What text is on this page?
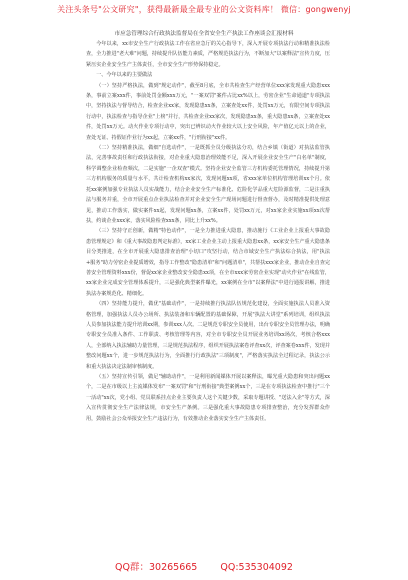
关注头条号"公文研究"，获得最新最全最专业的公文资料库！ 微信：gongwenyj
市应急管理综合行政执法监督局在全省安全生产执法工作座谈会汇报材料

今年以来，xx市安全生产行政执法工作在省应急厅的关心指导下，深入开展专项执法行动和精准执法检查，全力推进"老大难"问题，持续提升队伍能力素质，严格规范执法行为，不断加大"以案释法"宣传力度，压紧压实企业安全生产主体责任，全市安全生产形势保持稳定。

一、今年以来的主要做法

（一）坚持严格执法，做到"规定动作"，截至8月底，全市共检查生产经营单位xxx家发现重大隐患xxx条，事前立案xxx件，事前处罚金额xxx万元，"一案双罚"案件占比xx%以上，劳密企业"生命通道"专项执法中，坚持执法与督导结合，检查企业xx家，发现隐患xx条，立案查处xx件，处罚xx万元，有限空间专项执法行动中，执法检查与指导企业"上榜"并行，共检查企业xx家次，发现隐患xx条，重大隐患xx条，立案查处xx件，处罚xx万元。动火作业专项行动中，突出已辨识动火作业较大以上安全风险，年产值亿元以上的企业，查处无证、持假证作业行为xx起，立案xx件，"行刑衔接"xx件。

（二）坚持精准执法，做细"自选动作"，一是既抓全员分级执法分功，结合乡镇（街道）对执法监管执法，完善事故责任和行政执法衔接，对企业重大隐患治理效能不足，深入开展企业安全生产"白名单"制度，科学调整企业检查频次，二是实施"一企双查"模式。坚持企业安全监管三方机构委托管理情况，持续提升第三方机构服务的质量与水平，共计检查机构xx家次，发现问题xx项，省xxx家单位机构管理培训xx个月。依托xx案例加强专业执法人员实战能力，结合企业安全生产标准化、危险化学品重大危险源监督，二是注重执法与服务并重，全市开展重点企业执法检查并对企业安全生产现场问题进行督查督办，及时精准提供处理意见，推动工作落实，做实案件xx起，发现问题xx条，立案xx件，处罚xx万元，对xx家企业实施xx项xx次帮扶，约谈企业xxx家，落实风险检查xxx条，同比上升xx%。

（三）坚持守正创新，做精"特色动作"，一是全力推进重大隐患，推动施行《工业企业上报重大事故隐患管理规定》和《重大事故隐患判定标准》，xx家工业企业主动上报重大隐患xx条，xx家安全生产重大隐患条目分类推进，在全市开展重大隐患排查治理"小切口"攻坚行动，结合市域安全生产执法综合执法，用"执法+服务"助力劳密企业提质增效，指导工作整改"隐患清单"和"问题清单"，共帮扶xxx家企业，推动企业自查完善安全管理资料xxx份，督促xx家企业整改安全隐患xx项，在全市xxx家劳密企业实现"动火作业"在线监管，xx家企业完成安全管理体系提升，三是强化典型案件曝光，xx案例在全市"以案释法"中进行通报讲解，推进执法办案规范化、精细化。

（四）坚持能力提升，做优"基础动作"，一是持续推行执法队伍规范化建设，全面实施执法人员准入资格管理，加强执法人员办公场所、执法装备和车辆配置的基础保障，开展"执法大讲堂"系列培训，组织执法人员参加执法能力提升培训xx期，参训xxx人次。二是规范专职安全员使用，出台专职安全员管理办法，明确专职安全员准入条件、工作职责、考核管理等内容，对全市专职安全员开展业务培训xx场次，考核合格xxx人，全部纳入执法辅助力量管理，三是规范执法程序，组织开展执法案卷评查xx次，评查案卷xxx件，发现并整改问题xx个，进一步规范执法行为，全面推行行政执法"三项制度"，严格落实执法全过程记录，执法公示和重大执法决定法制审核制度。

（五）坚持宣传引领，做足"辅助动作"，一是利用新闻媒体开展以案释法，曝光重大隐患和突出问题xx个，二是在市级以上主流媒体发布"一案双罚"和"行刑衔接"典型案例xx个，三是在专项执法检查中推行"三个一活动"xx次，党小组、党员联系挂点企业主要负责人这个关键少数，采取专题讲授、"送法入企"等方式，深入宣传贯彻安全生产法律法规，市安全生产条例。三是强化重大事故隐患专项排查整治，充分发挥群众作用，鼓励社会公众举报安全生产违法行为，有效推动企业落实安全生产主体责任。

QQ群：30265665 QQ:535304092
